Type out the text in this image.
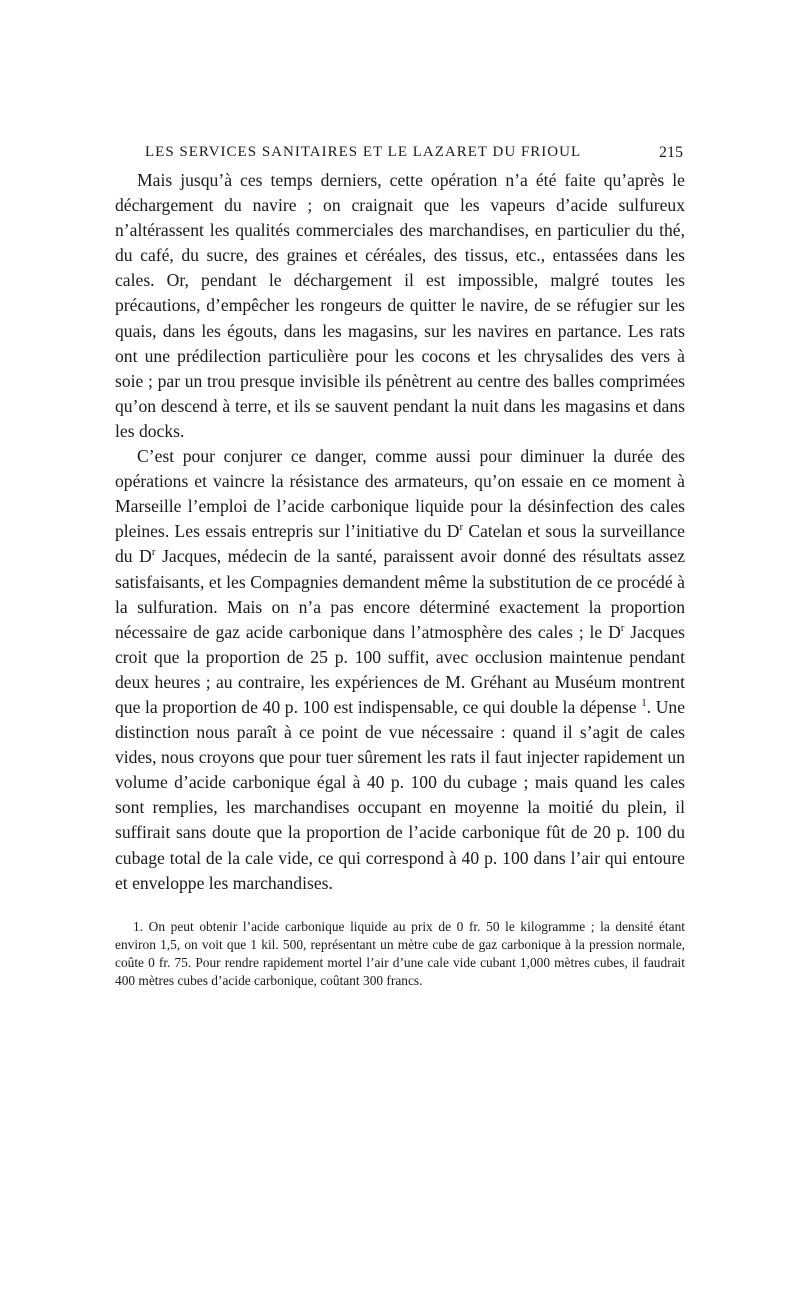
LES SERVICES SANITAIRES ET LE LAZARET DU FRIOUL	215

Mais jusqu’à ces temps derniers, cette opération n’a été faite qu’après le déchargement du navire ; on craignait que les vapeurs d’acide sulfureux n’altérassent les qualités commerciales des marchandises, en particulier du thé, du café, du sucre, des graines et céréales, des tissus, etc., entassées dans les cales. Or, pendant le déchargement il est impossible, malgré toutes les précautions, d’empêcher les rongeurs de quitter le navire, de se réfugier sur les quais, dans les égouts, dans les magasins, sur les navires en partance. Les rats ont une prédilection particulière pour les cocons et les chrysalides des vers à soie ; par un trou presque invisible ils pénètrent au centre des balles comprimées qu’on descend à terre, et ils se sauvent pendant la nuit dans les magasins et dans les docks.

C’est pour conjurer ce danger, comme aussi pour diminuer la durée des opérations et vaincre la résistance des armateurs, qu’on essaie en ce moment à Marseille l’emploi de l’acide carbonique liquide pour la désinfection des cales pleines. Les essais entrepris sur l’initiative du $D^r$ Catelan et sous la surveillance du $D^r$ Jacques, médecin de la santé, paraissent avoir donné des résultats assez satisfaisants, et les Compagnies demandent même la substitution de ce procédé à la sulfuration. Mais on n’a pas encore déterminé exactement la proportion nécessaire de gaz acide carbonique dans l’atmosphère des cales ; le $D^r$ Jacques croit que la proportion de 25 p. 100 suffit, avec occlusion maintenue pendant deux heures ; au contraire, les expériences de M. Gréhant au Muséum montrent que la proportion de 40 p. 100 est indispensable, ce qui double la dépense $^1$. Une distinction nous paraît à ce point de vue nécessaire : quand il s’agit de cales vides, nous croyons que pour tuer sûrement les rats il faut injecter rapidement un volume d’acide carbonique égal à 40 p. 100 du cubage ; mais quand les cales sont remplies, les marchandises occupant en moyenne la moitié du plein, il suffirait sans doute que la proportion de l’acide carbonique fût de 20 p. 100 du cubage total de la cale vide, ce qui correspond à 40 p. 100 dans l’air qui entoure et enveloppe les marchandises.

1. On peut obtenir l’acide carbonique liquide au prix de 0 fr. 50 le kilogramme ; la densité étant environ 1,5, on voit que 1 kil. 500, représentant un mètre cube de gaz carbonique à la pression normale, coûte 0 fr. 75. Pour rendre rapidement mortel l’air d’une cale vide cubant 1,000 mètres cubes, il faudrait 400 mètres cubes d’acide carbonique, coûtant 300 francs.
